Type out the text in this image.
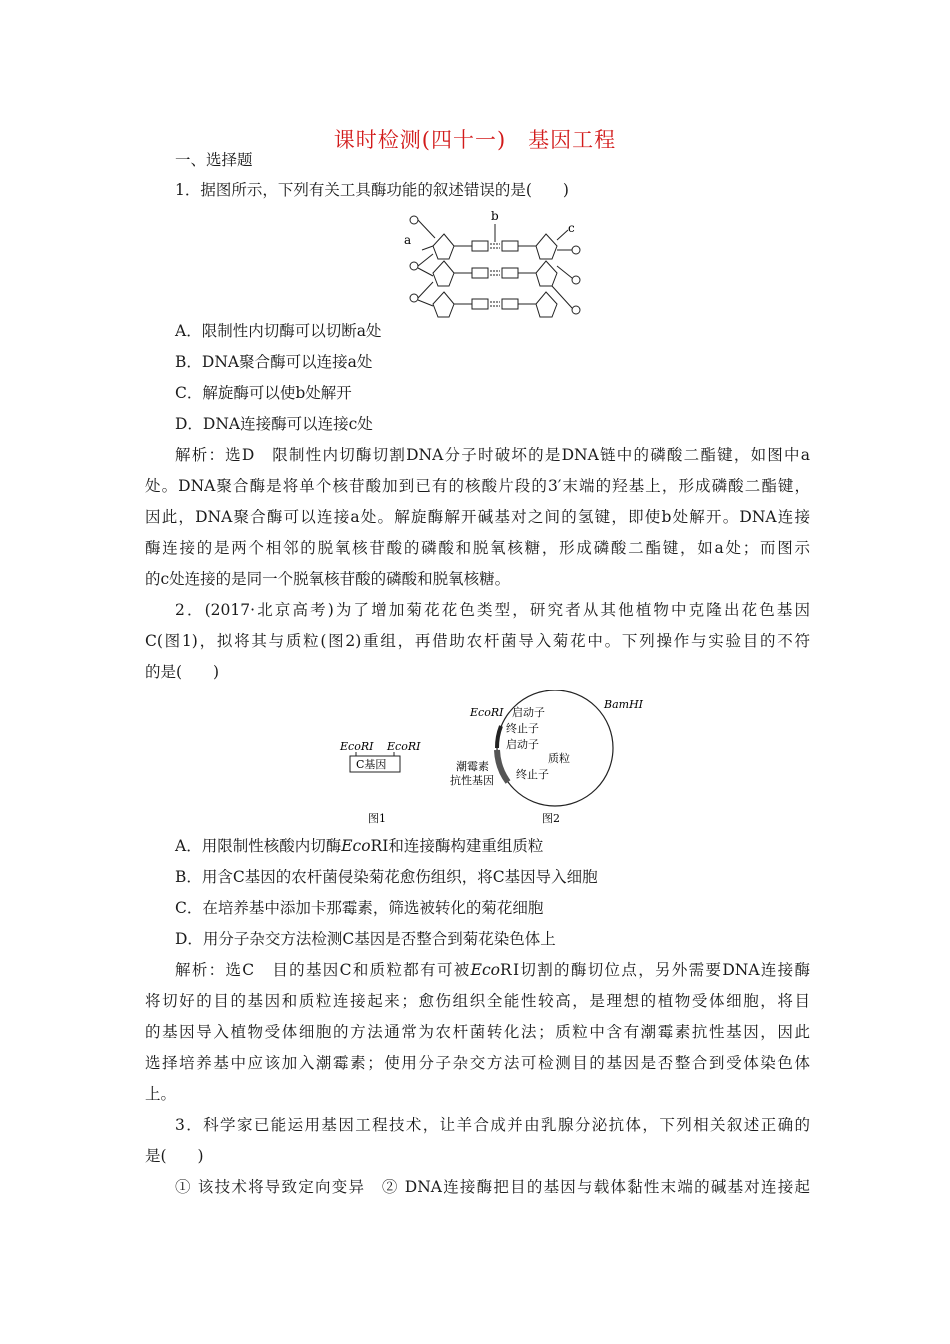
课时检测(四十一)　基因工程
一、选择题
1．据图所示，下列有关工具酶功能的叙述错误的是(　　)
b
a
c
A．限制性内切酶可以切断a处
B．DNA聚合酶可以连接a处
C．解旋酶可以使b处解开
D．DNA连接酶可以连接c处
解析：选D　限制性内切酶切割DNA分子时破坏的是DNA链中的磷酸二酯键，如图中a
处。DNA聚合酶是将单个核苷酸加到已有的核酸片段的3′末端的羟基上，形成磷酸二酯键，
因此，DNA聚合酶可以连接a处。解旋酶解开碱基对之间的氢键，即使b处解开。DNA连接
酶连接的是两个相邻的脱氧核苷酸的磷酸和脱氧核糖，形成磷酸二酯键，如a处；而图示
的c处连接的是同一个脱氧核苷酸的磷酸和脱氧核糖。
2．(2017·北京高考)为了增加菊花花色类型，研究者从其他植物中克隆出花色基因
C(图1)，拟将其与质粒(图2)重组，再借助农杆菌导入菊花中。下列操作与实验目的不符
的是(　　)
EcoRⅠ EcoRⅠ
C基因
图1
EcoRⅠ
BamHⅠ
启动子
终止子
启动子
质粒
潮霉素
抗性基因 终止子
图2
A．用限制性核酸内切酶EcoRⅠ和连接酶构建重组质粒
B．用含C基因的农杆菌侵染菊花愈伤组织，将C基因导入细胞
C．在培养基中添加卡那霉素，筛选被转化的菊花细胞
D．用分子杂交方法检测C基因是否整合到菊花染色体上
解析：选C　目的基因C和质粒都有可被EcoRⅠ切割的酶切位点，另外需要DNA连接酶
将切好的目的基因和质粒连接起来；愈伤组织全能性较高，是理想的植物受体细胞，将目
的基因导入植物受体细胞的方法通常为农杆菌转化法；质粒中含有潮霉素抗性基因，因此
选择培养基中应该加入潮霉素；使用分子杂交方法可检测目的基因是否整合到受体染色体
上。
3．科学家已能运用基因工程技术，让羊合成并由乳腺分泌抗体，下列相关叙述正确的
是(　　)
① 该技术将导致定向变异　② DNA连接酶把目的基因与载体黏性末端的碱基对连接起
